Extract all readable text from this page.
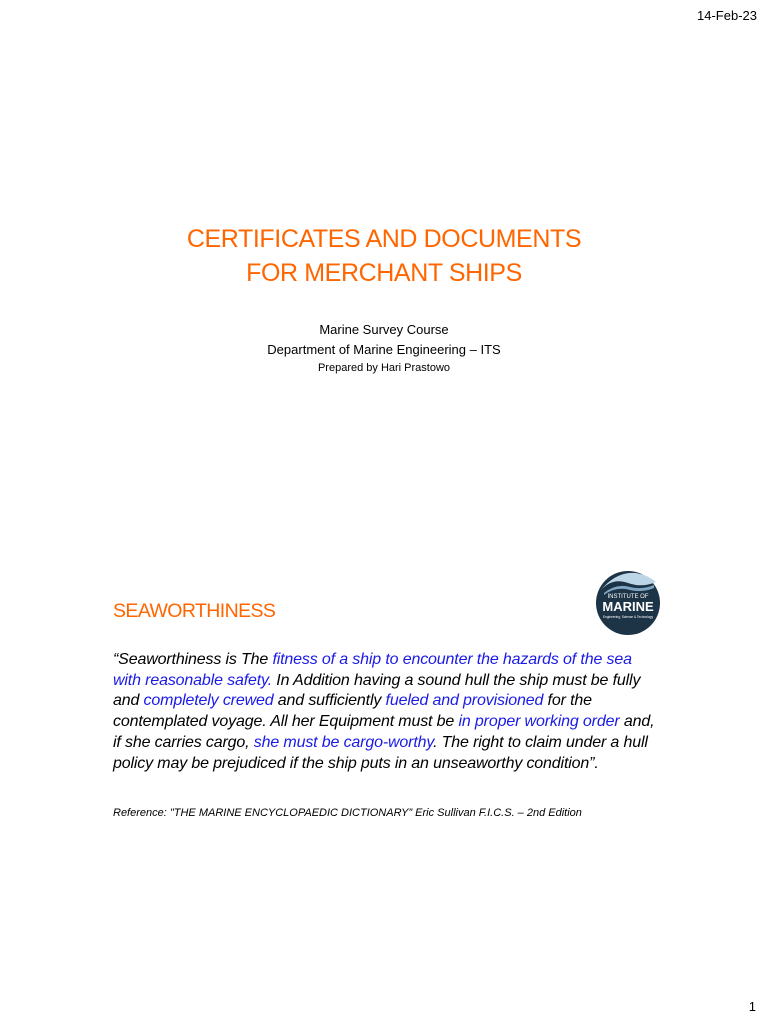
14-Feb-23
CERTIFICATES AND DOCUMENTS
FOR MERCHANT SHIPS
Marine Survey Course
Department of Marine Engineering – ITS
Prepared by Hari Prastowo
INSTITUTE OF
MARINE
Engineering, Science & Technology
SEAWORTHINESS

“Seaworthiness is The fitness of a ship to encounter the hazards of the sea with reasonable safety. In Addition having a sound hull the ship must be fully and completely crewed and sufficiently fueled and provisioned for the contemplated voyage. All her Equipment must be in proper working order and, if she carries cargo, she must be cargo-worthy. The right to claim under a hull policy may be prejudiced if the ship puts in an unseaworthy condition”.

Reference: "THE MARINE ENCYCLOPAEDIC DICTIONARY” Eric Sullivan F.I.C.S. – 2nd Edition
1
